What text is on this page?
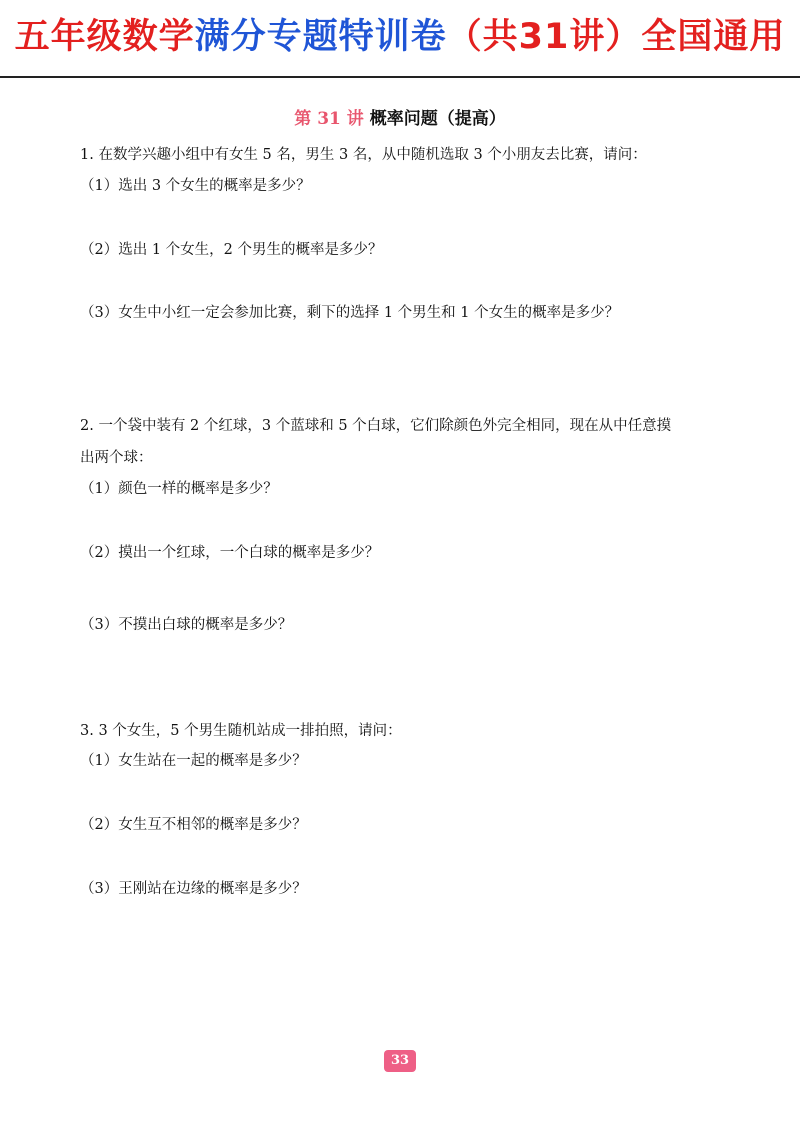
五年级数学满分专题特训卷（共31讲）全国通用
第 31 讲 概率问题（提高）
1. 在数学兴趣小组中有女生 5 名，男生 3 名，从中随机选取 3 个小朋友去比赛，请问：
（1）选出 3 个女生的概率是多少？
（2）选出 1 个女生，2 个男生的概率是多少？
（3）女生中小红一定会参加比赛，剩下的选择 1 个男生和 1 个女生的概率是多少？
2. 一个袋中装有 2 个红球，3 个蓝球和 5 个白球，它们除颜色外完全相同，现在从中任意摸
出两个球：
（1）颜色一样的概率是多少？
（2）摸出一个红球，一个白球的概率是多少？
（3）不摸出白球的概率是多少？
3. 3 个女生，5 个男生随机站成一排拍照，请问：
（1）女生站在一起的概率是多少？
（2）女生互不相邻的概率是多少？
（3）王刚站在边缘的概率是多少？
33
